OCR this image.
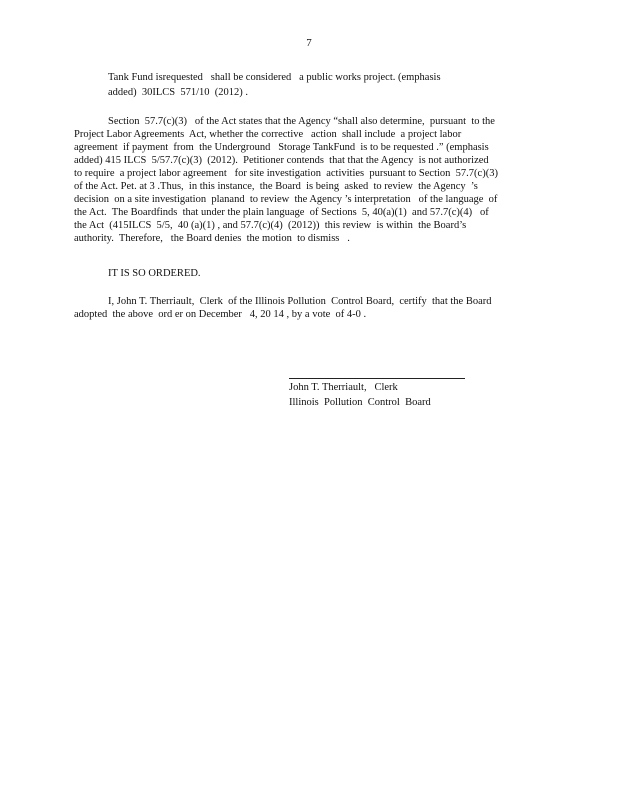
7
Tank Fund isrequested   shall be considered   a public works project. (emphasis
added)  30ILCS  571/10  (2012) .
Section  57.7(c)(3)   of the Act states that the Agency “shall also determine,  pursuant  to the
Project Labor Agreements  Act, whether the corrective   action  shall include  a project labor
agreement  if payment  from  the Underground   Storage TankFund  is to be requested .” (emphasis
added) 415 ILCS  5/57.7(c)(3)  (2012).  Petitioner contends  that that the Agency  is not authorized
to require  a project labor agreement   for site investigation  activities  pursuant to Section  57.7(c)(3)
of the Act. Pet. at 3 .Thus,  in this instance,  the Board  is being  asked  to review  the Agency  ’s
decision  on a site investigation  planand  to review  the Agency ’s interpretation   of the language  of
the Act.  The Boardfinds  that under the plain language  of Sections  5, 40(a)(1)  and 57.7(c)(4)   of
the Act  (415ILCS  5/5,  40 (a)(1) , and 57.7(c)(4)  (2012))  this review  is within  the Board’s
authority.  Therefore,   the Board denies  the motion  to dismiss   .
IT IS SO ORDERED.
I, John T. Therriault,  Clerk  of the Illinois Pollution  Control Board,  certify  that the Board
adopted  the above  ord er on December   4, 20 14 , by a vote  of 4-0 .
John T. Therriault,   Clerk
Illinois  Pollution  Control  Board
